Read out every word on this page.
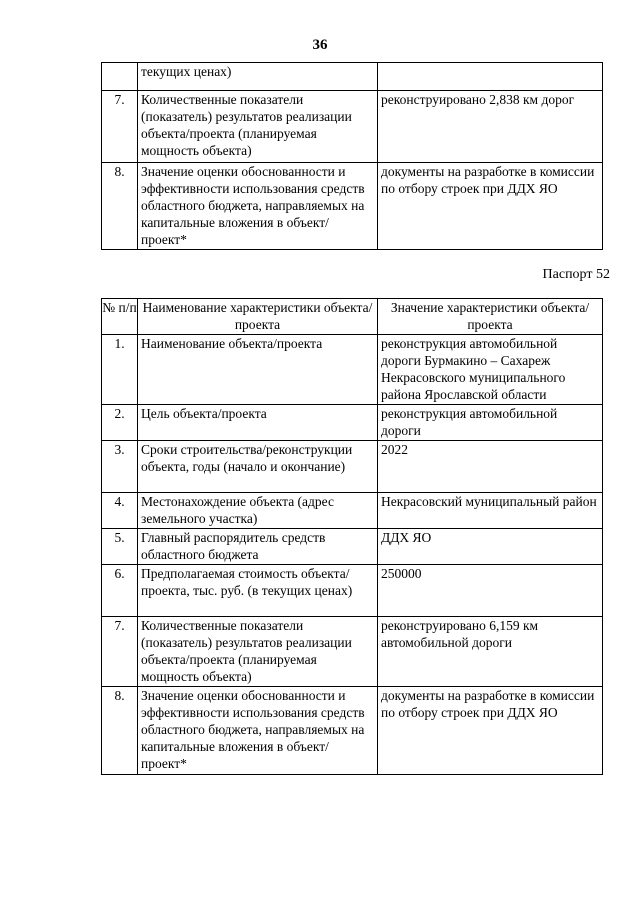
36
	текущих ценах)	
7.	Количественные показатели (показатель) результатов реализации объекта/проекта (планируемая мощность объекта)	реконструировано 2,838 км дорог
8.	Значение оценки обоснованности и эффективности использования средств областного бюджета, направляемых на капитальные вложения в объект/проект*	документы на разработке в комиссии по отбору строек при ДДХ ЯО
Паспорт 52
№ п/п	Наименование характеристики объекта/проекта	Значение характеристики объекта/проекта
1.	Наименование объекта/проекта	реконструкция автомобильной дороги Бурмакино – Сахареж Некрасовского муниципального района Ярославской области
2.	Цель объекта/проекта	реконструкция автомобильной дороги
3.	Сроки строительства/реконструкции объекта, годы (начало и окончание)	2022
4.	Местонахождение объекта (адрес земельного участка)	Некрасовский муниципальный район
5.	Главный распорядитель средств областного бюджета	ДДХ ЯО
6.	Предполагаемая стоимость объекта/проекта, тыс. руб. (в текущих ценах)	250000
7.	Количественные показатели (показатель) результатов реализации объекта/проекта (планируемая мощность объекта)	реконструировано 6,159 км автомобильной дороги
8.	Значение оценки обоснованности и эффективности использования средств областного бюджета, направляемых на капитальные вложения в объект/проект*	документы на разработке в комиссии по отбору строек при ДДХ ЯО
